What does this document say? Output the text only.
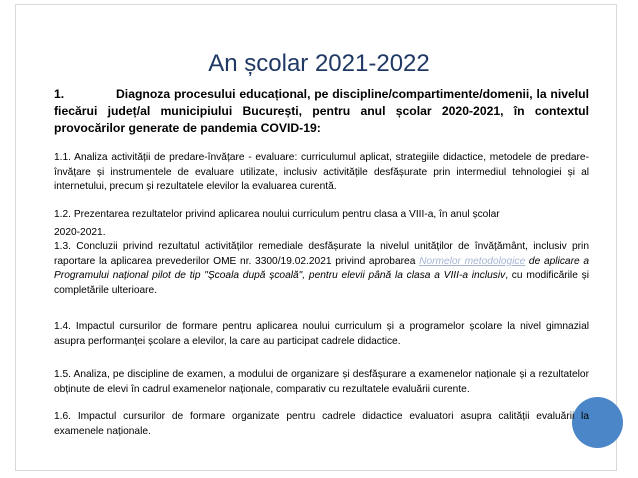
An școlar 2021-2022
1.	Diagnoza procesului educațional, pe discipline/compartimente/domenii, la nivelul fiecărui județ/al municipiului București, pentru anul școlar 2020-2021, în contextul provocărilor generate de pandemia COVID-19:
1.1. Analiza activității de predare-învățare - evaluare: curriculumul aplicat, strategiile didactice, metodele de predare-învățare și instrumentele de evaluare utilizate, inclusiv activitățile desfășurate prin intermediul tehnologiei și al internetului, precum și rezultatele elevilor la evaluarea curentă.
1.2. Prezentarea rezultatelor privind aplicarea noului curriculum pentru clasa a VIII-a, în anul școlar
2020-2021.
1.3. Concluzii privind rezultatul activităților remediale desfășurate la nivelul unităților de învățământ, inclusiv prin raportare la aplicarea prevederilor OME nr. 3300/19.02.2021 privind aprobarea Normelor metodologice de aplicare a Programului național pilot de tip "Școala după școală", pentru elevii până la clasa a VIII-a inclusiv, cu modificările și completările ulterioare.
1.4. Impactul cursurilor de formare pentru aplicarea noului curriculum și a programelor școlare la nivel gimnazial asupra performanței școlare a elevilor, la care au participat cadrele didactice.
1.5. Analiza, pe discipline de examen, a modului de organizare și desfășurare a examenelor naționale și a rezultatelor obținute de elevi în cadrul examenelor naționale, comparativ cu rezultatele evaluării curente.
1.6. Impactul cursurilor de formare organizate pentru cadrele didactice evaluatori asupra calității evaluării la examenele naționale.
